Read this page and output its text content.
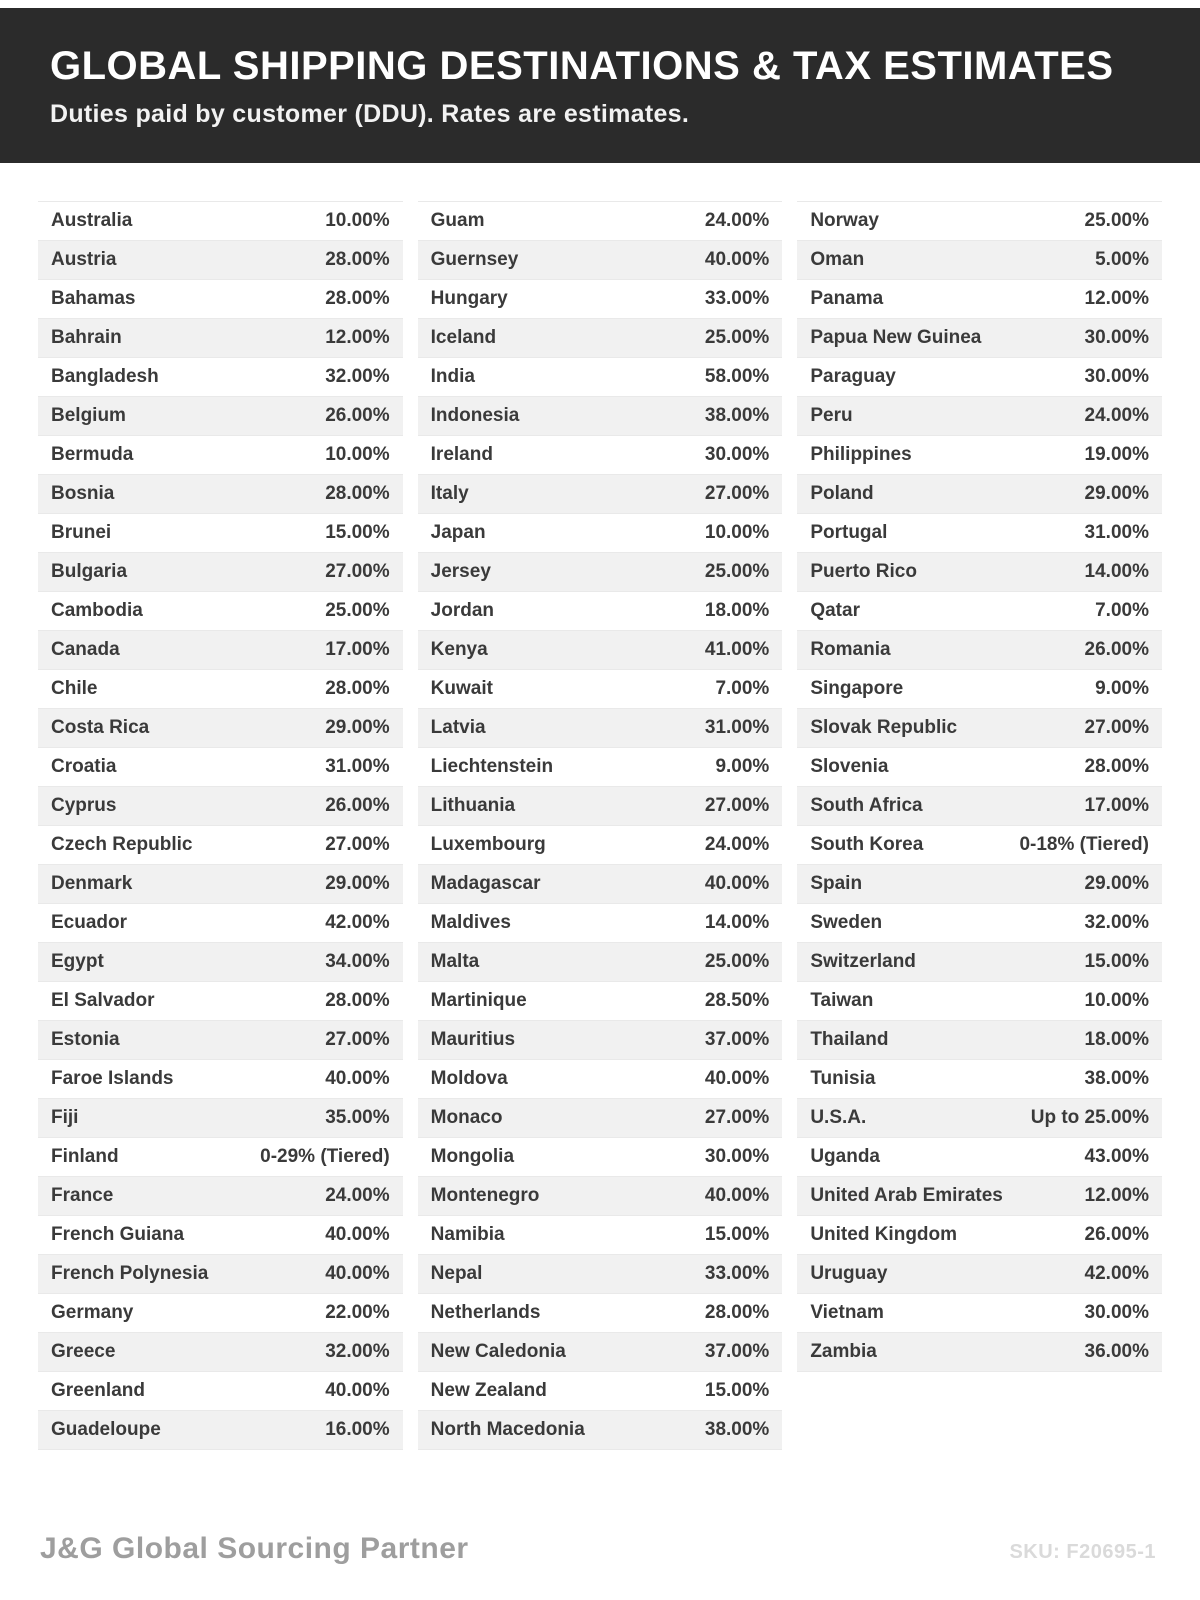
GLOBAL SHIPPING DESTINATIONS & TAX ESTIMATES

Duties paid by customer (DDU). Rates are estimates.

Australia	10.00%
Austria	28.00%
Bahamas	28.00%
Bahrain	12.00%
Bangladesh	32.00%
Belgium	26.00%
Bermuda	10.00%
Bosnia	28.00%
Brunei	15.00%
Bulgaria	27.00%
Cambodia	25.00%
Canada	17.00%
Chile	28.00%
Costa Rica	29.00%
Croatia	31.00%
Cyprus	26.00%
Czech Republic	27.00%
Denmark	29.00%
Ecuador	42.00%
Egypt	34.00%
El Salvador	28.00%
Estonia	27.00%
Faroe Islands	40.00%
Fiji	35.00%
Finland	0-29% (Tiered)
France	24.00%
French Guiana	40.00%
French Polynesia	40.00%
Germany	22.00%
Greece	32.00%
Greenland	40.00%
Guadeloupe	16.00%
Guam	24.00%
Guernsey	40.00%
Hungary	33.00%
Iceland	25.00%
India	58.00%
Indonesia	38.00%
Ireland	30.00%
Italy	27.00%
Japan	10.00%
Jersey	25.00%
Jordan	18.00%
Kenya	41.00%
Kuwait	7.00%
Latvia	31.00%
Liechtenstein	9.00%
Lithuania	27.00%
Luxembourg	24.00%
Madagascar	40.00%
Maldives	14.00%
Malta	25.00%
Martinique	28.50%
Mauritius	37.00%
Moldova	40.00%
Monaco	27.00%
Mongolia	30.00%
Montenegro	40.00%
Namibia	15.00%
Nepal	33.00%
Netherlands	28.00%
New Caledonia	37.00%
New Zealand	15.00%
North Macedonia	38.00%
Norway	25.00%
Oman	5.00%
Panama	12.00%
Papua New Guinea	30.00%
Paraguay	30.00%
Peru	24.00%
Philippines	19.00%
Poland	29.00%
Portugal	31.00%
Puerto Rico	14.00%
Qatar	7.00%
Romania	26.00%
Singapore	9.00%
Slovak Republic	27.00%
Slovenia	28.00%
South Africa	17.00%
South Korea	0-18% (Tiered)
Spain	29.00%
Sweden	32.00%
Switzerland	15.00%
Taiwan	10.00%
Thailand	18.00%
Tunisia	38.00%
U.S.A.	Up to 25.00%
Uganda	43.00%
United Arab Emirates	12.00%
United Kingdom	26.00%
Uruguay	42.00%
Vietnam	30.00%
Zambia	36.00%
J&G Global Sourcing Partner	SKU: F20695-1
